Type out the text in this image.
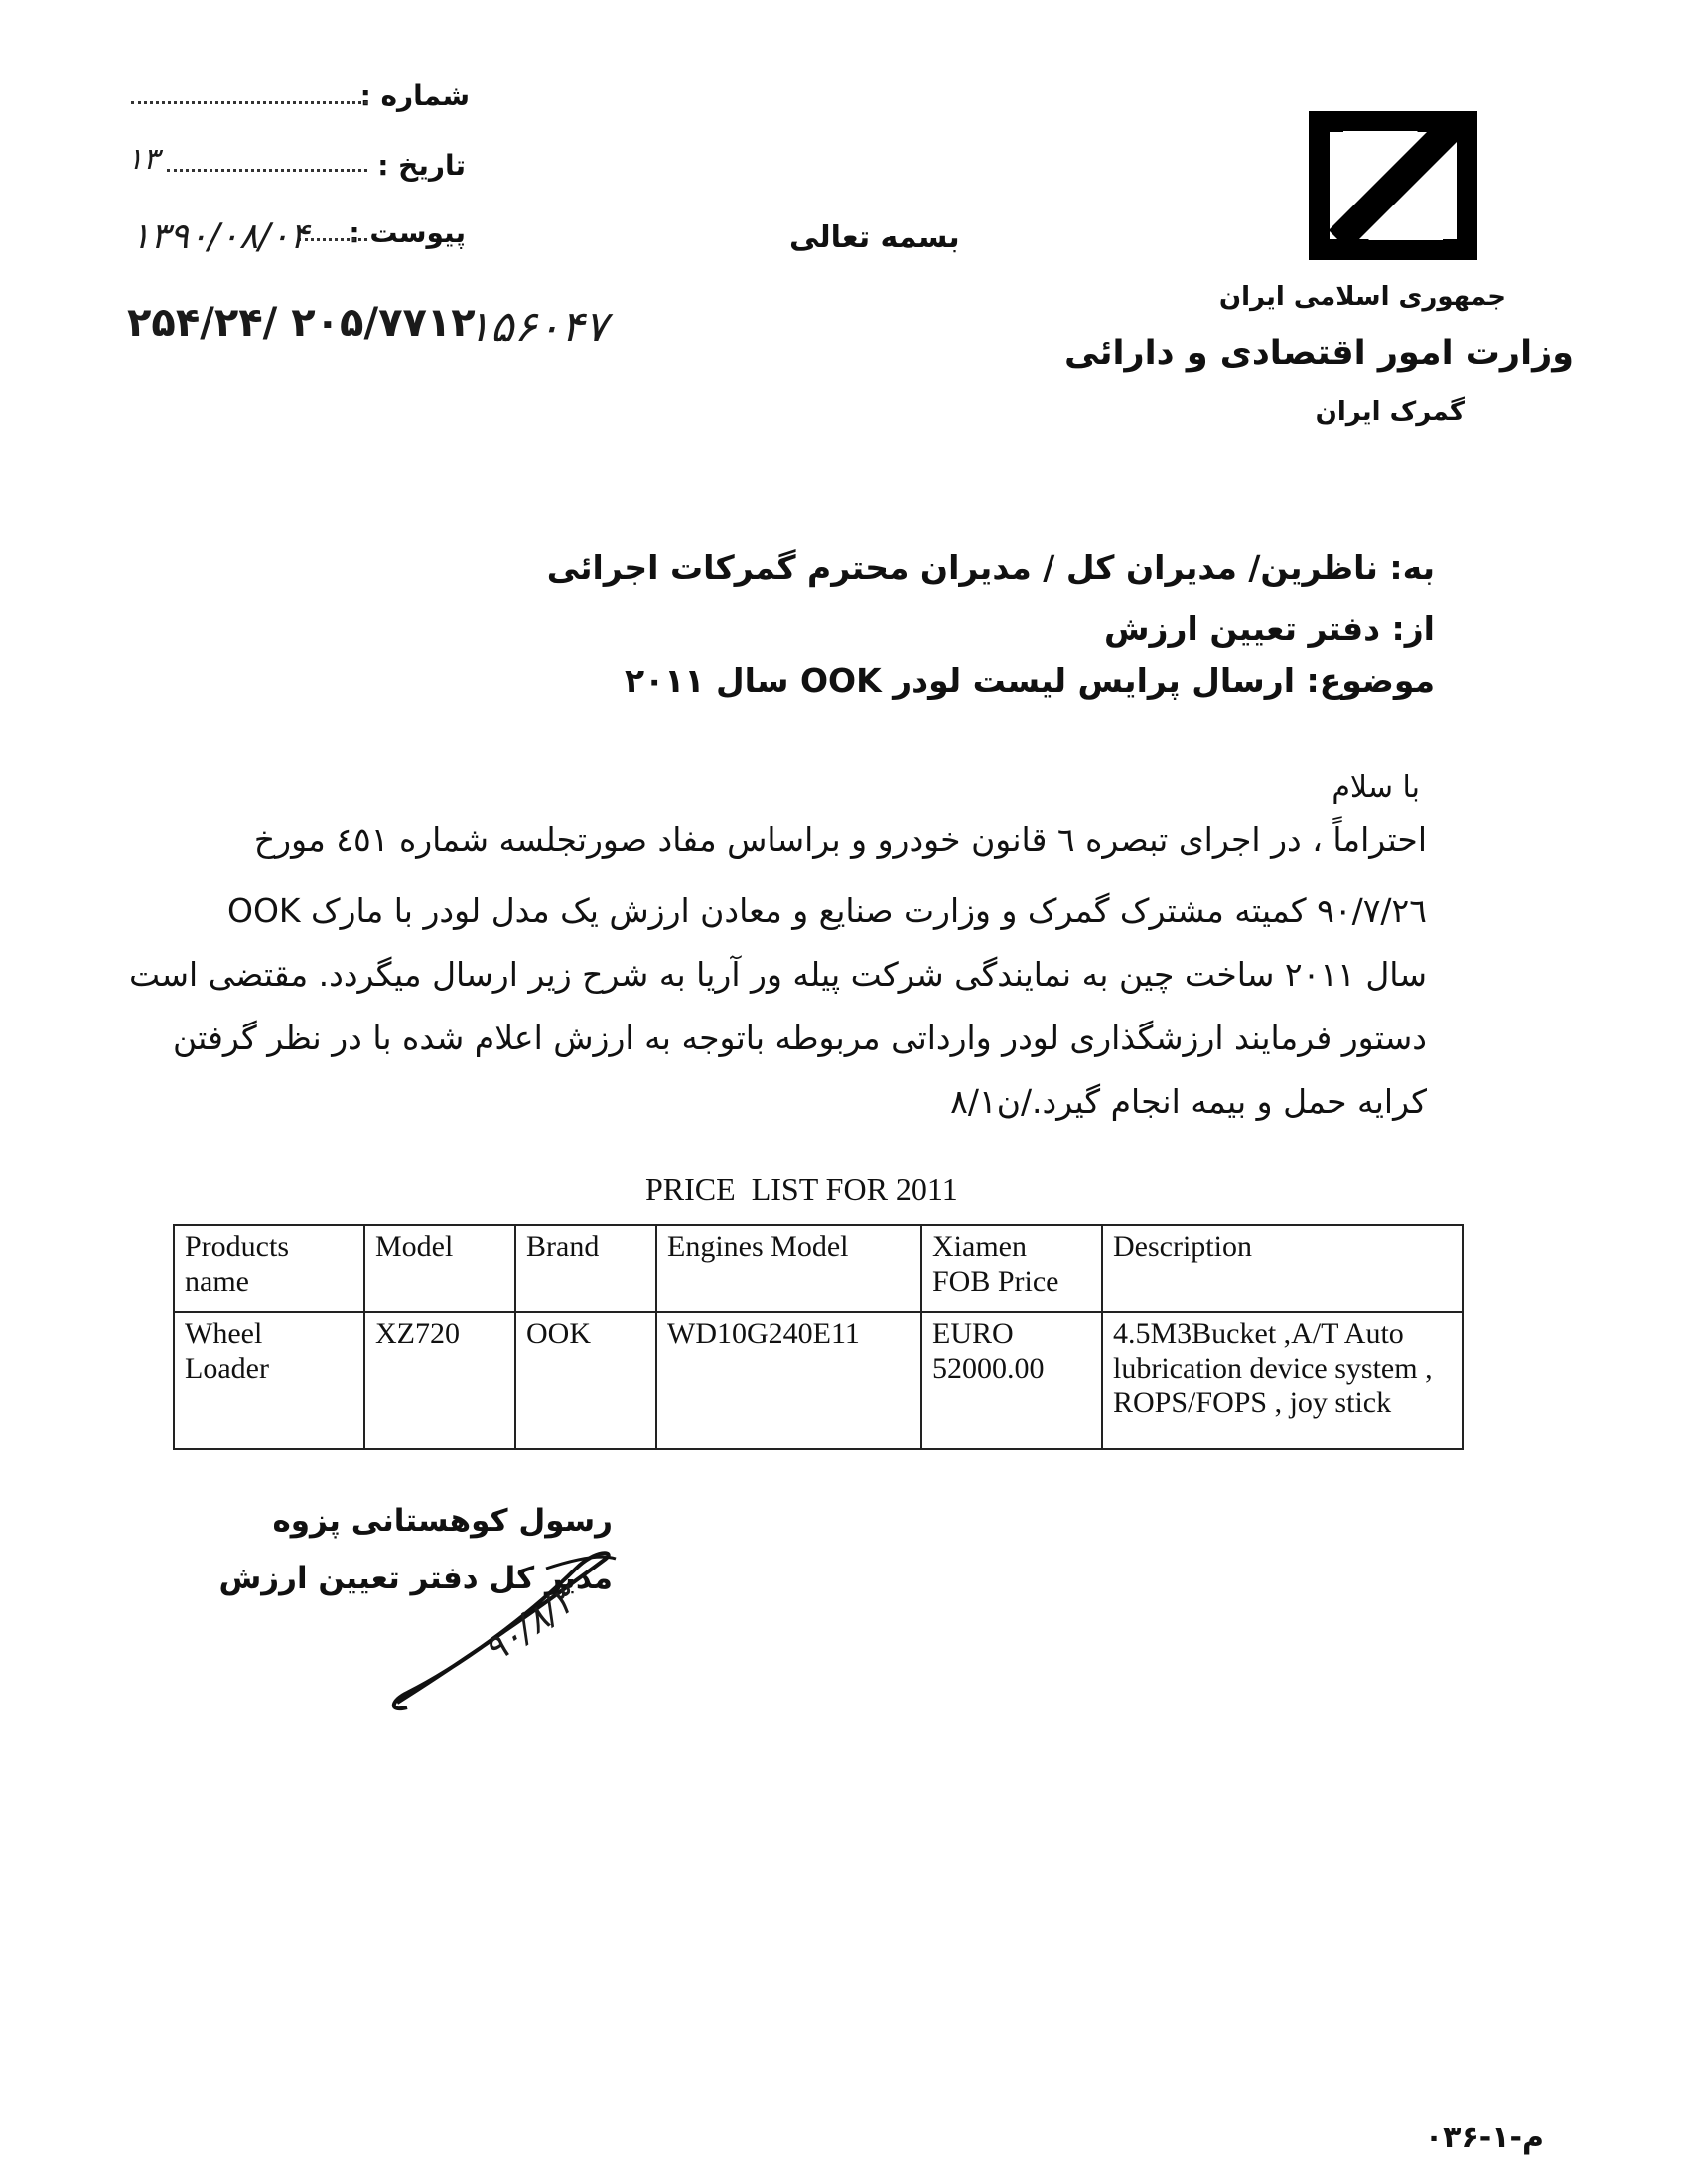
شماره :
تاریخ :
۱۳
پیوست :
۱۳۹۰/۰۸/۰۴
۲۵۴/۲۴/ ۲۰۵/۷۷۱۲
۱۵۶۰۴۷
بسمه تعالی
جمهوری اسلامی ایران
وزارت امور اقتصادی و دارائی
گمرک ایران
به: ناظرین/ مدیران کل / مدیران محترم گمرکات اجرائی
از: دفتر تعیین ارزش
موضوع: ارسال پرایس لیست لودر OOK سال ۲۰۱۱
با سلام
احتراماً ، در اجرای تبصره ٦ قانون خودرو و براساس مفاد صورتجلسه شماره ٤٥١ مورخ
٩٠/٧/٢٦ کمیته مشترک گمرک و وزارت صنایع و معادن ارزش یک مدل لودر با مارک OOK
سال ٢٠١١ ساخت چین به نمایندگی شرکت پیله ور آریا به شرح زیر ارسال میگردد. مقتضی است
دستور فرمایند ارزشگذاری لودر وارداتی مربوطه باتوجه به ارزش اعلام شده با در نظر گرفتن
کرایه حمل و بیمه انجام گیرد./ن٨/١
PRICE  LIST FOR 2011
Products name	Model	Brand	Engines Model	Xiamen FOB Price	Description
Wheel Loader	XZ720	OOK	WD10G240E11	EURO 52000.00	4.5M3Bucket ,A/T Auto lubrication device system , ROPS/FOPS , joy stick
رسول کوهستانی پزوه
مدیر کل دفتر تعیین ارزش
۹۰/۸/۳
م-۱-۰۳۶
